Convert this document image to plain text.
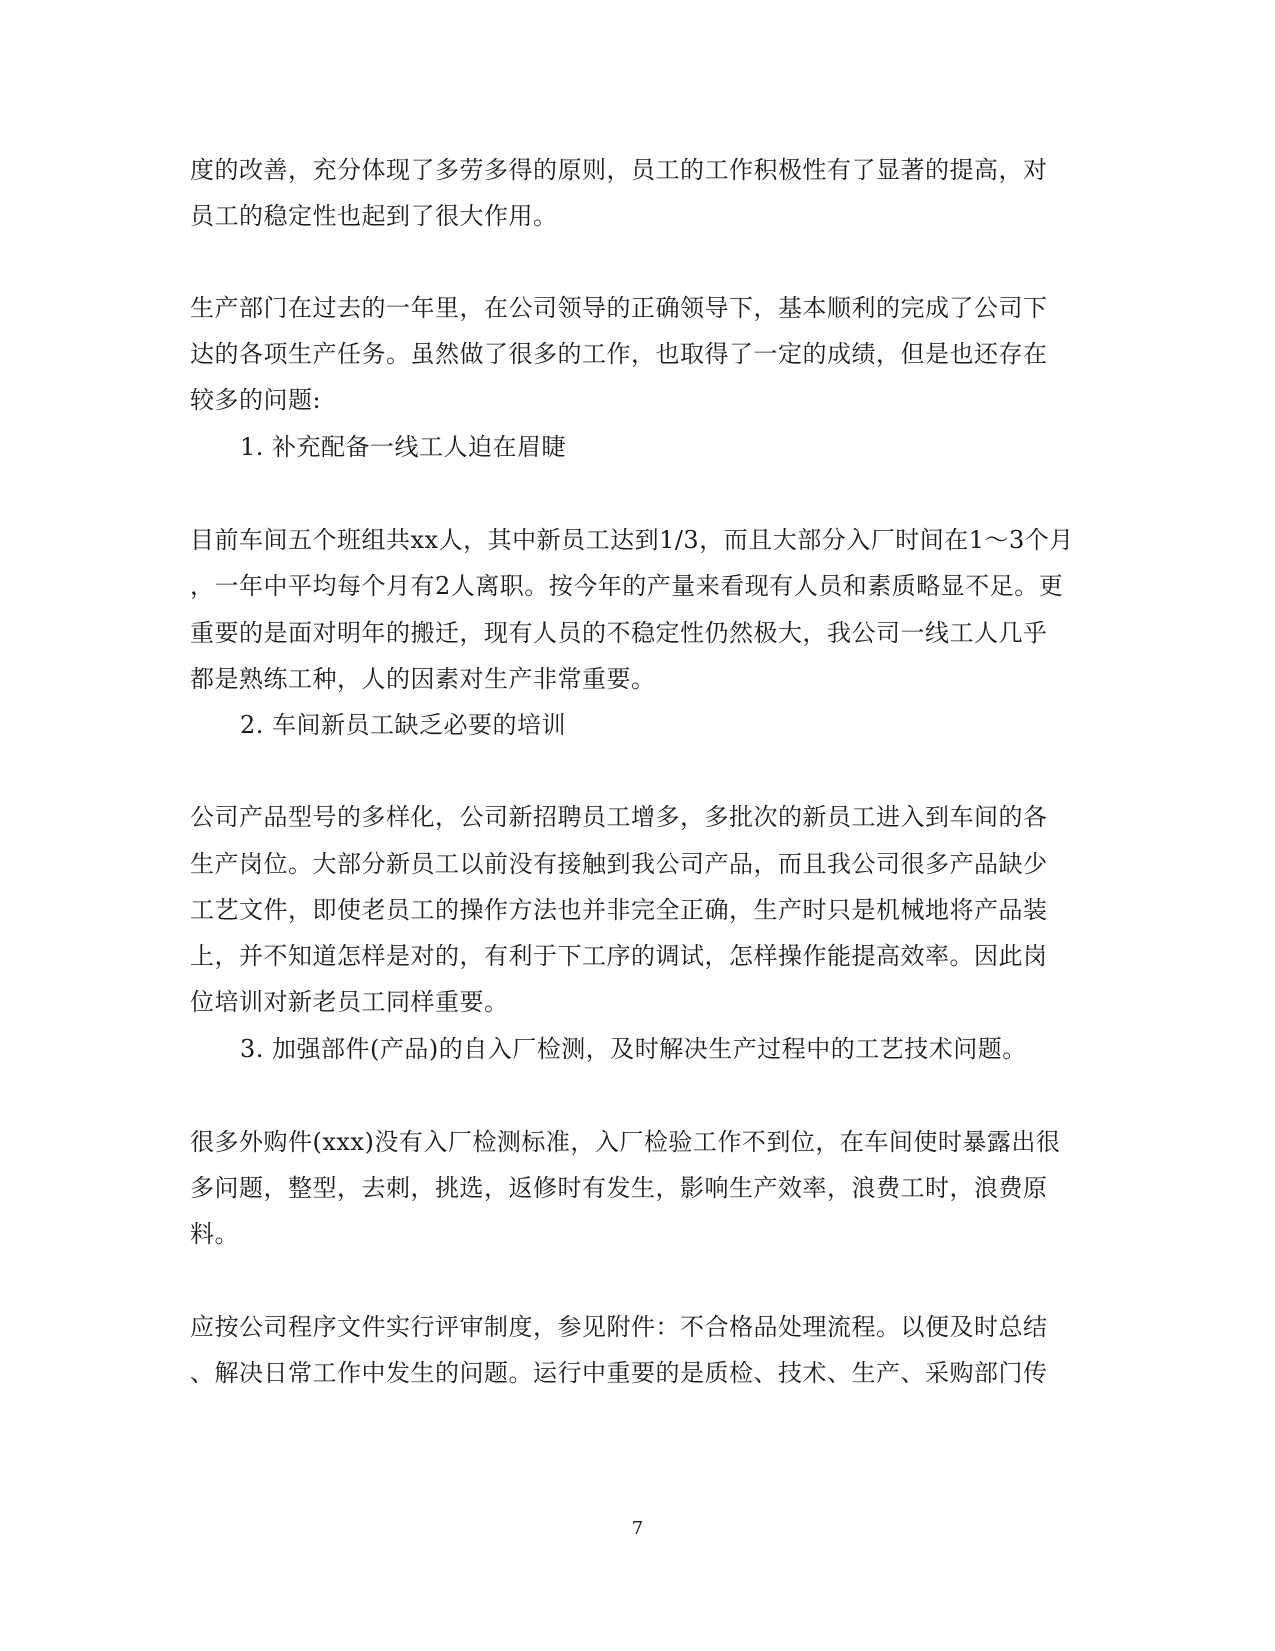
度的改善，充分体现了多劳多得的原则，员工的工作积极性有了显著的提高，对
员工的稳定性也起到了很大作用。
生产部门在过去的一年里，在公司领导的正确领导下，基本顺利的完成了公司下
达的各项生产任务。虽然做了很多的工作，也取得了一定的成绩，但是也还存在
较多的问题:
1. 补充配备一线工人迫在眉睫
目前车间五个班组共xx人，其中新员工达到1/3，而且大部分入厂时间在1～3个月
，一年中平均每个月有2人离职。按今年的产量来看现有人员和素质略显不足。更
重要的是面对明年的搬迁，现有人员的不稳定性仍然极大，我公司一线工人几乎
都是熟练工种，人的因素对生产非常重要。
2. 车间新员工缺乏必要的培训
公司产品型号的多样化，公司新招聘员工增多，多批次的新员工进入到车间的各
生产岗位。大部分新员工以前没有接触到我公司产品，而且我公司很多产品缺少
工艺文件，即使老员工的操作方法也并非完全正确，生产时只是机械地将产品装
上，并不知道怎样是对的，有利于下工序的调试，怎样操作能提高效率。因此岗
位培训对新老员工同样重要。
3. 加强部件(产品)的自入厂检测，及时解决生产过程中的工艺技术问题。
很多外购件(xxx)没有入厂检测标准，入厂检验工作不到位，在车间使时暴露出很
多问题，整型，去刺，挑选，返修时有发生，影响生产效率，浪费工时，浪费原
料。
应按公司程序文件实行评审制度，参见附件：不合格品处理流程。以便及时总结
、解决日常工作中发生的问题。运行中重要的是质检、技术、生产、采购部门传
7
